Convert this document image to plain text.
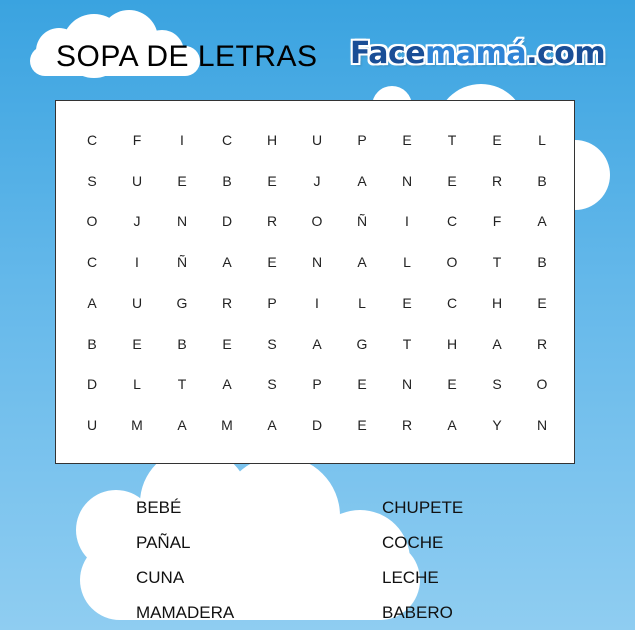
SOPA DE LETRAS Facemamá.com
C	F	I	C	H	U	P	E	T	E	L
S	U	E	B	E	J	A	N	E	R	B
O	J	N	D	R	O	Ñ	I	C	F	A
C	I	Ñ	A	E	N	A	L	O	T	B
A	U	G	R	P	I	L	E	C	H	E
B	E	B	E	S	A	G	T	H	A	R
D	L	T	A	S	P	E	N	E	S	O
U	M	A	M	A	D	E	R	A	Y	N
BEBÉ
PAÑAL
CUNA
MAMADERA
CHUPETE
COCHE
LECHE
BABERO
